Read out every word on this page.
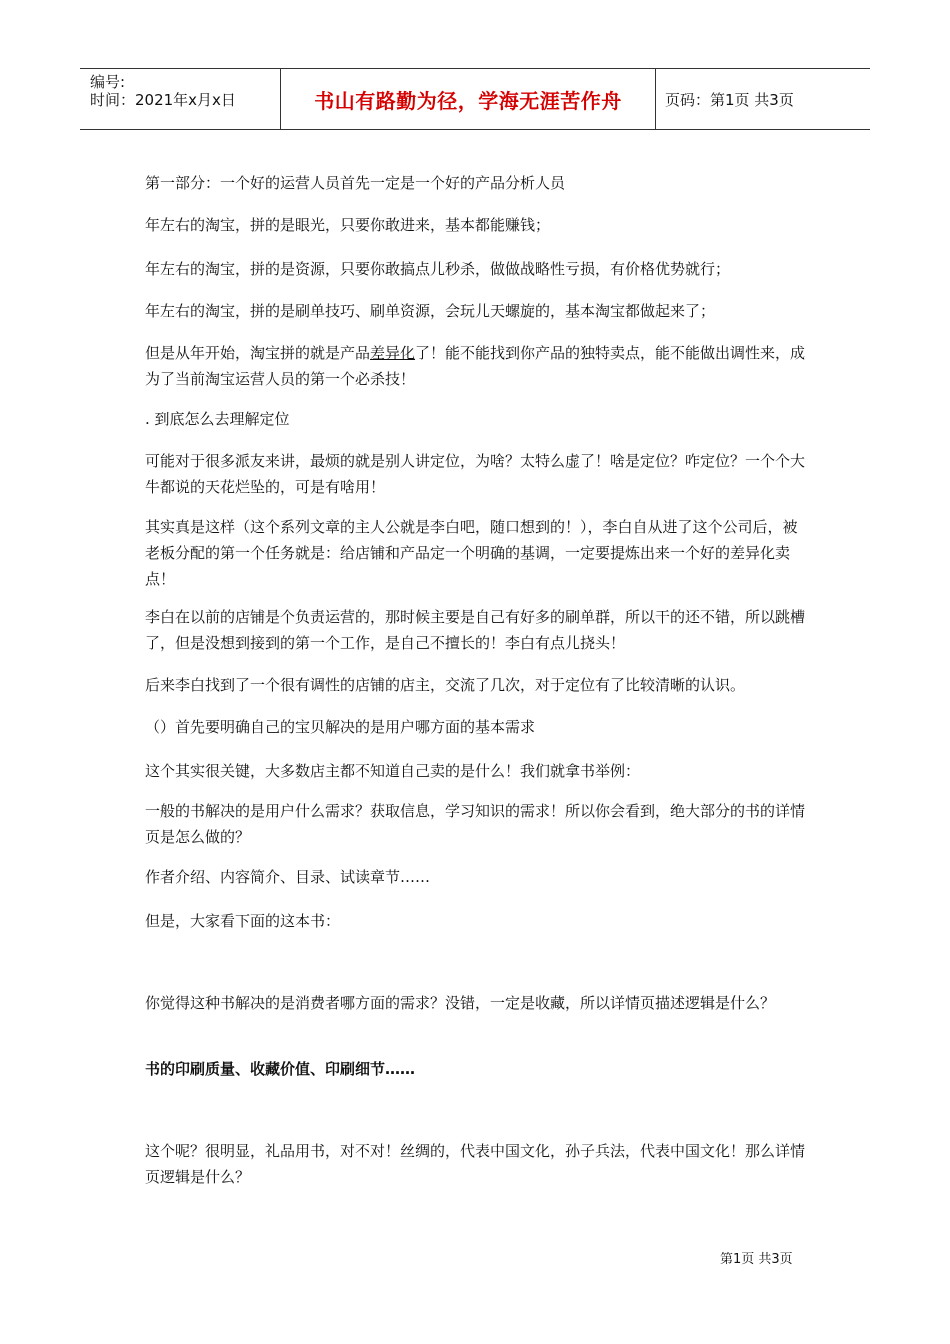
编号:
时间：2021年x月x日	书山有路勤为径，学海无涯苦作舟	页码：第1页 共3页

第一部分：一个好的运营人员首先一定是一个好的产品分析人员

年左右的淘宝，拼的是眼光，只要你敢进来，基本都能赚钱；

年左右的淘宝，拼的是资源，只要你敢搞点儿秒杀，做做战略性亏损，有价格优势就行；

年左右的淘宝，拼的是刷单技巧、刷单资源，会玩儿天螺旋的，基本淘宝都做起来了；

但是从年开始，淘宝拼的就是产品差异化了！能不能找到你产品的独特卖点，能不能做出调性来，成为了当前淘宝运营人员的第一个必杀技！

. 到底怎么去理解定位

可能对于很多派友来讲，最烦的就是别人讲定位，为啥？太特么虚了！啥是定位？咋定位？一个个大牛都说的天花烂坠的，可是有啥用！

其实真是这样（这个系列文章的主人公就是李白吧，随口想到的！），李白自从进了这个公司后，被老板分配的第一个任务就是：给店铺和产品定一个明确的基调，一定要提炼出来一个好的差异化卖点！

李白在以前的店铺是个负责运营的，那时候主要是自己有好多的刷单群，所以干的还不错，所以跳槽了，但是没想到接到的第一个工作，是自己不擅长的！李白有点儿挠头！

后来李白找到了一个很有调性的店铺的店主，交流了几次，对于定位有了比较清晰的认识。

（）首先要明确自己的宝贝解决的是用户哪方面的基本需求

这个其实很关键，大多数店主都不知道自己卖的是什么！我们就拿书举例：

一般的书解决的是用户什么需求？获取信息，学习知识的需求！所以你会看到，绝大部分的书的详情页是怎么做的？

作者介绍、内容简介、目录、试读章节……

但是，大家看下面的这本书：

你觉得这种书解决的是消费者哪方面的需求？没错，一定是收藏，所以详情页描述逻辑是什么？

书的印刷质量、收藏价值、印刷细节……

这个呢？很明显，礼品用书，对不对！丝绸的，代表中国文化，孙子兵法，代表中国文化！那么详情页逻辑是什么？

第1页 共3页
